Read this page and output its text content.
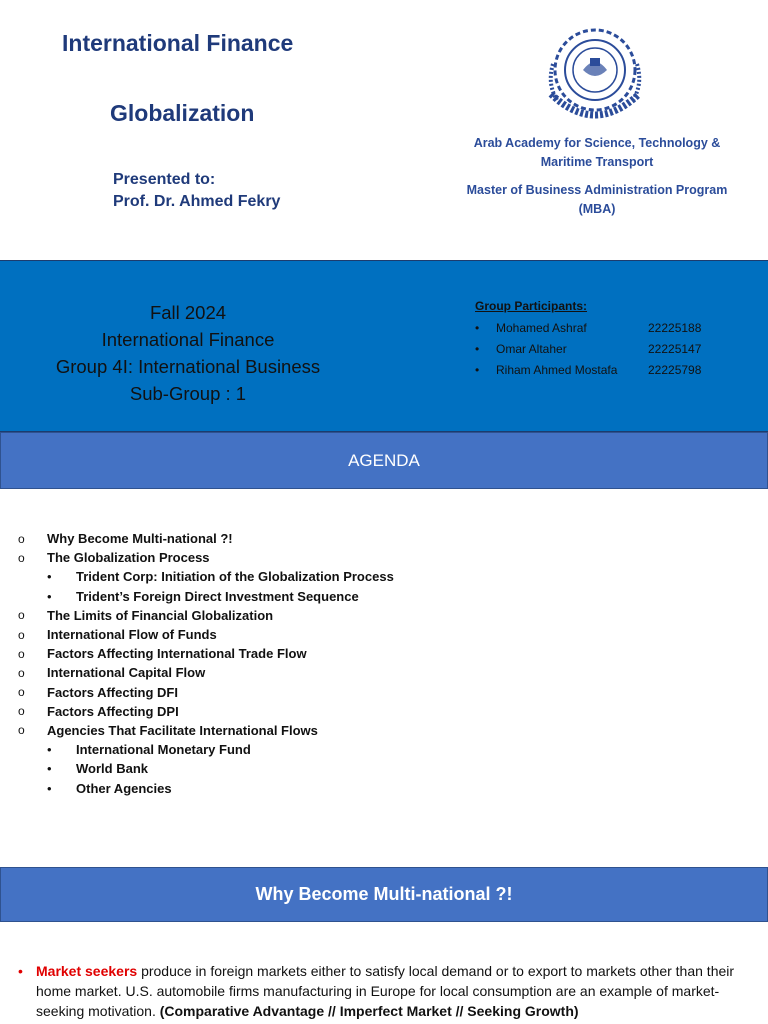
International Finance
Globalization
Presented to:
Prof. Dr. Ahmed Fekry
Arab Academy for Science, Technology &
Maritime Transport
Master of Business Administration Program
(MBA)
Fall 2024
International Finance
Group 4I: International Business
Sub-Group : 1
Group Participants:
•	Mohamed Ashraf	22225188
•	Omar Altaher	22225147
•	Riham Ahmed Mostafa	22225798
AGENDA
o	Why Become Multi-national ?!
o	The Globalization Process
•	Trident Corp: Initiation of the Globalization Process
•	Trident’s Foreign Direct Investment Sequence
o	The Limits of Financial Globalization
o	International Flow of Funds
o	Factors Affecting International Trade Flow
o	International Capital Flow
o	Factors Affecting DFI
o	Factors Affecting DPI
o	Agencies That Facilitate International Flows
•	International Monetary Fund
•	World Bank
•	Other Agencies
Why Become Multi-national ?!
• Market seekers produce in foreign markets either to satisfy local demand or to export to markets other than their home market. U.S. automobile firms manufacturing in Europe for local consumption are an example of market-seeking motivation. (Comparative Advantage // Imperfect Market // Seeking Growth)
